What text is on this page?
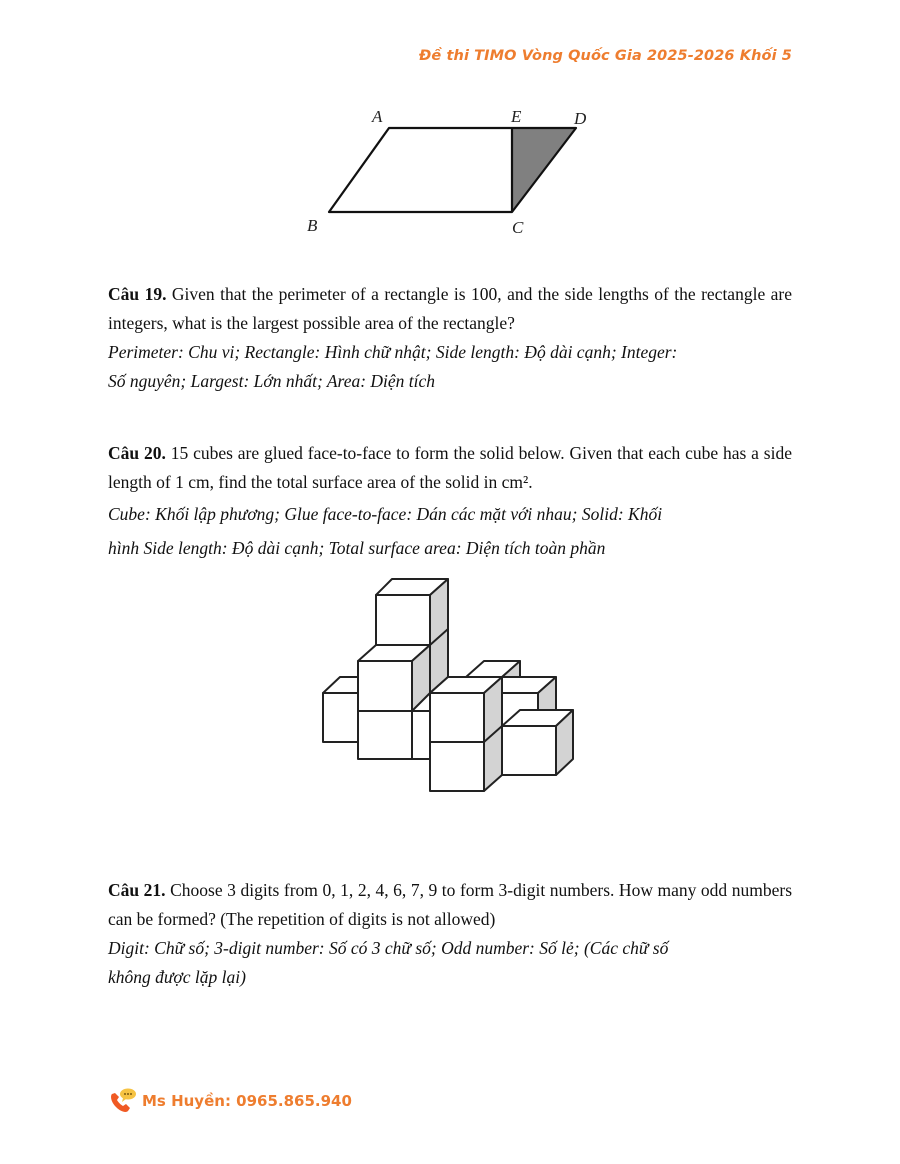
Đề thi TIMO Vòng Quốc Gia 2025-2026 Khối 5
A	E	D
B	C
Câu 19. Given that the perimeter of a rectangle is 100, and the side lengths of the rectangle are integers, what is the largest possible area of the rectangle?
Perimeter: Chu vi; Rectangle: Hình chữ nhật; Side length: Độ dài cạnh; Integer:
Số nguyên; Largest: Lớn nhất; Area: Diện tích
Câu 20. 15 cubes are glued face-to-face to form the solid below. Given that each cube has a side length of 1 cm, find the total surface area of the solid in cm².
Cube: Khối lập phương; Glue face-to-face: Dán các mặt với nhau; Solid: Khối
hình Side length: Độ dài cạnh; Total surface area: Diện tích toàn phần
Câu 21. Choose 3 digits from 0, 1, 2, 4, 6, 7, 9 to form 3-digit numbers. How many odd numbers can be formed? (The repetition of digits is not allowed)
Digit: Chữ số; 3-digit number: Số có 3 chữ số; Odd number: Số lẻ; (Các chữ số
không được lặp lại)
Ms Huyền: 0965.865.940
